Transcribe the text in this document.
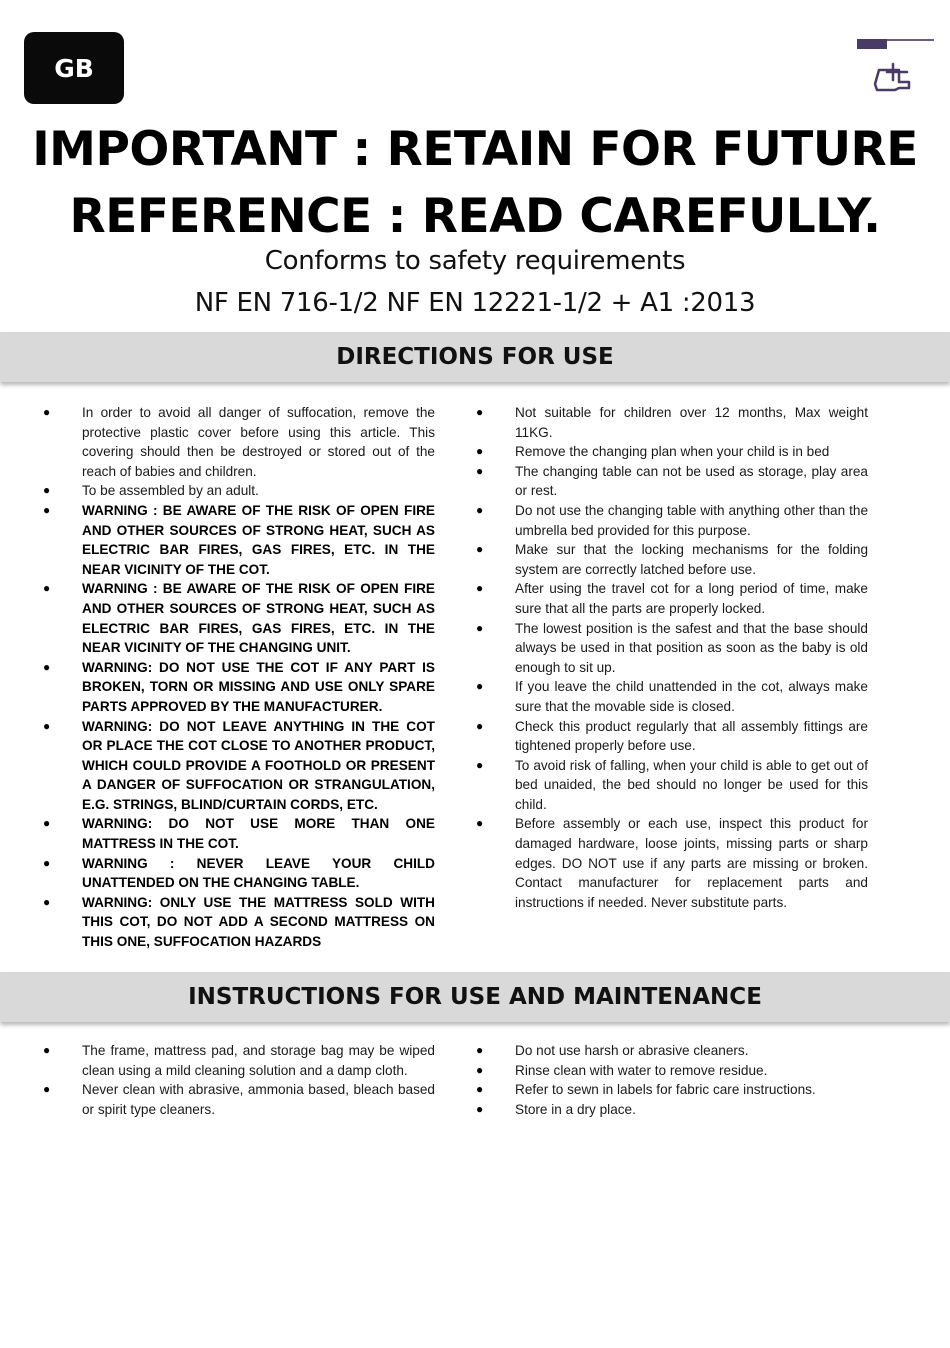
GB
IMPORTANT : RETAIN FOR FUTURE
REFERENCE : READ CAREFULLY.
Conforms to safety requirements
NF EN 716-1/2 NF EN 12221-1/2 + A1 :2013
DIRECTIONS FOR USE
● In order to avoid all danger of suffocation, remove the protective plastic cover before using this article. This covering should then be destroyed or stored out of the reach of babies and children.
● To be assembled by an adult.
● WARNING : BE AWARE OF THE RISK OF OPEN FIRE AND OTHER SOURCES OF STRONG HEAT, SUCH AS ELECTRIC BAR FIRES, GAS FIRES, ETC. IN THE NEAR VICINITY OF THE COT.
● WARNING : BE AWARE OF THE RISK OF OPEN FIRE AND OTHER SOURCES OF STRONG HEAT, SUCH AS ELECTRIC BAR FIRES, GAS FIRES, ETC. IN THE NEAR VICINITY OF THE CHANGING UNIT.
● WARNING: DO NOT USE THE COT IF ANY PART IS BROKEN, TORN OR MISSING AND USE ONLY SPARE PARTS APPROVED BY THE MANUFACTURER.
● WARNING: DO NOT LEAVE ANYTHING IN THE COT OR PLACE THE COT CLOSE TO ANOTHER PRODUCT, WHICH COULD PROVIDE A FOOTHOLD OR PRESENT A DANGER OF SUFFOCATION OR STRANGULATION, E.G. STRINGS, BLIND/CURTAIN CORDS, ETC.
● WARNING: DO NOT USE MORE THAN ONE MATTRESS IN THE COT.
● WARNING : NEVER LEAVE YOUR CHILD UNATTENDED ON THE CHANGING TABLE.
● WARNING: ONLY USE THE MATTRESS SOLD WITH THIS COT, DO NOT ADD A SECOND MATTRESS ON THIS ONE, SUFFOCATION HAZARDS
● Not suitable for children over 12 months, Max weight 11KG.
● Remove the changing plan when your child is in bed
● The changing table can not be used as storage, play area or rest.
● Do not use the changing table with anything other than the umbrella bed provided for this purpose.
● Make sur that the locking mechanisms for the folding system are correctly latched before use.
● After using the travel cot for a long period of time, make sure that all the parts are properly locked.
● The lowest position is the safest and that the base should always be used in that position as soon as the baby is old enough to sit up.
● If you leave the child unattended in the cot, always make sure that the movable side is closed.
● Check this product regularly that all assembly fittings are tightened properly before use.
● To avoid risk of falling, when your child is able to get out of bed unaided, the bed should no longer be used for this child.
● Before assembly or each use, inspect this product for damaged hardware, loose joints, missing parts or sharp edges. DO NOT use if any parts are missing or broken. Contact manufacturer for replacement parts and instructions if needed. Never substitute parts.
INSTRUCTIONS FOR USE AND MAINTENANCE
● The frame, mattress pad, and storage bag may be wiped clean using a mild cleaning solution and a damp cloth.
● Never clean with abrasive, ammonia based, bleach based or spirit type cleaners.
● Do not use harsh or abrasive cleaners.
● Rinse clean with water to remove residue.
● Refer to sewn in labels for fabric care instructions.
● Store in a dry place.
